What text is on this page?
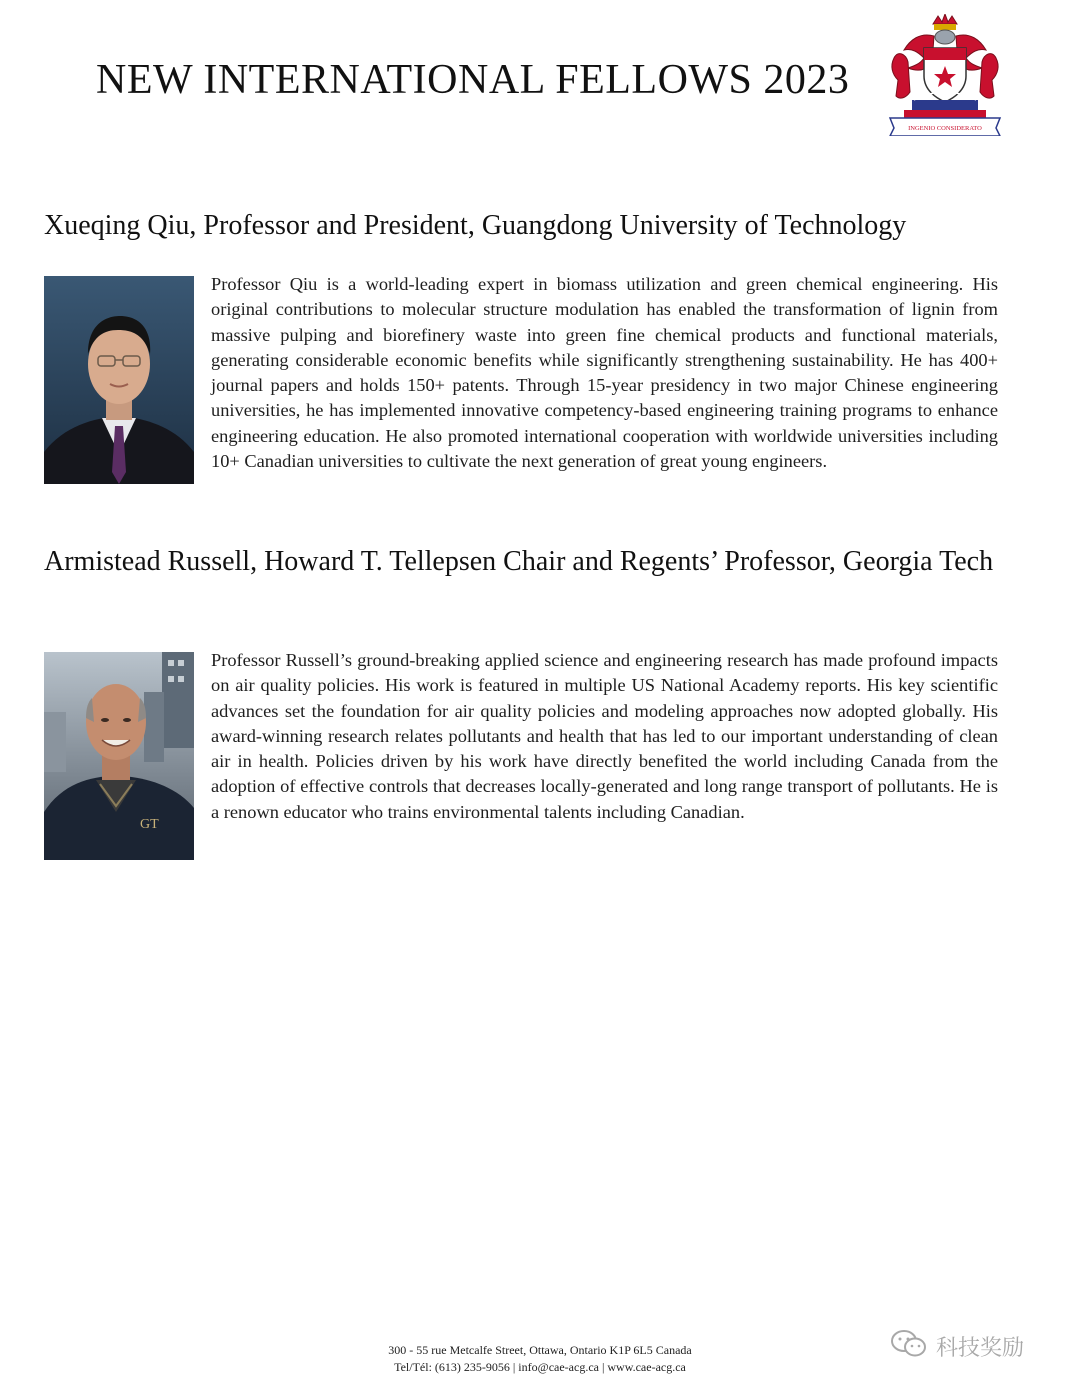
NEW INTERNATIONAL FELLOWS 2023
INGENIO CONSIDERATO
Xueqing Qiu, Professor and President, Guangdong University of Technology

Professor Qiu is a world-leading expert in biomass utilization and green chemical engineering. His original contributions to molecular structure modulation has enabled the transformation of lignin from massive pulping and biorefinery waste into green fine chemical products and functional materials, generating considerable economic benefits while significantly strengthening sustainability. He has 400+ journal papers and holds 150+ patents. Through 15-year presidency in two major Chinese engineering universities, he has implemented innovative competency-based engineering training programs to enhance engineering education. He also promoted international cooperation with worldwide universities including 10+ Canadian universities to cultivate the next generation of great young engineers.

Armistead Russell, Howard T. Tellepsen Chair and Regents’ Professor, Georgia Tech
GT

Professor Russell’s ground-breaking applied science and engineering research has made profound impacts on air quality policies. His work is featured in multiple US National Academy reports. His key scientific advances set the foundation for air quality policies and modeling approaches now adopted globally. His award-winning research relates pollutants and health that has led to our important understanding of clean air in health. Policies driven by his work have directly benefited the world including Canada from the adoption of effective controls that decreases locally-generated and long range transport of pollutants. He is a renown educator who trains environmental talents including Canadian.

300 - 55 rue Metcalfe Street, Ottawa, Ontario K1P 6L5 Canada
Tel/Tél: (613) 235-9056 | info@cae-acg.ca | www.cae-acg.ca
科技奖励
